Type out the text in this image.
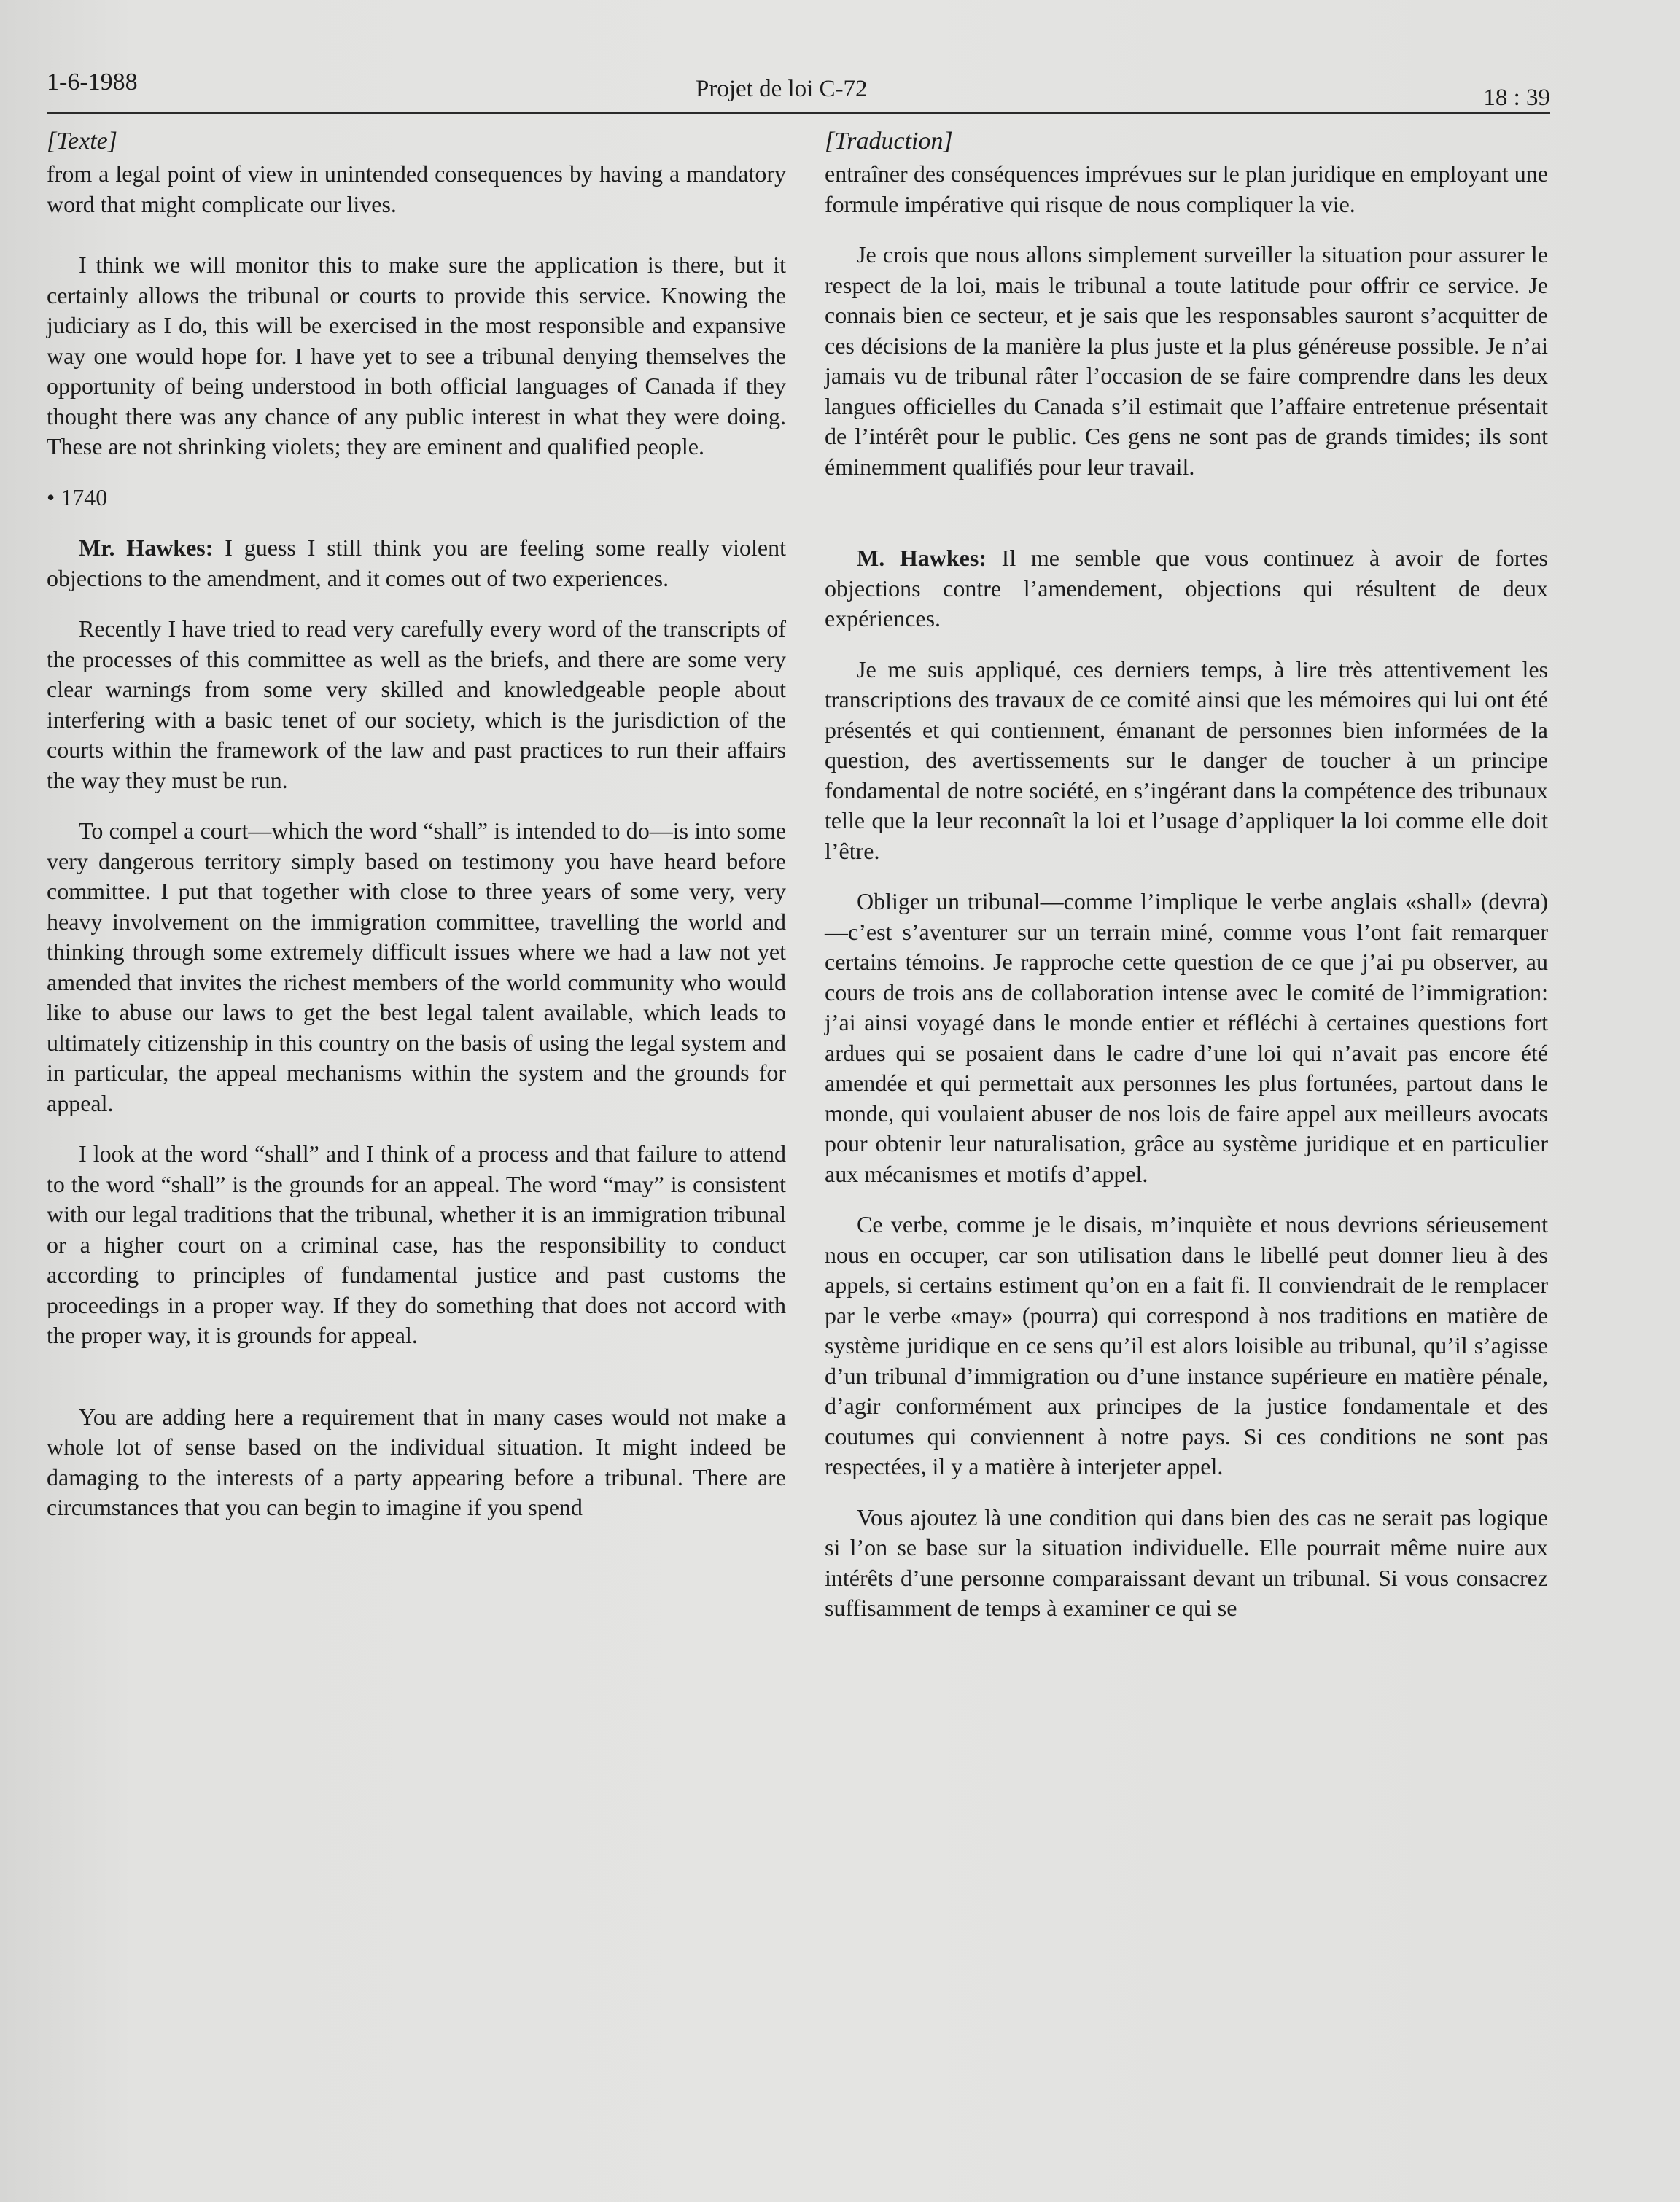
1-6-1988	Projet de loi C-72	18 : 39
[Texte]

from a legal point of view in unintended consequences by having a mandatory word that might complicate our lives.

I think we will monitor this to make sure the application is there, but it certainly allows the tribunal or courts to provide this service. Knowing the judiciary as I do, this will be exercised in the most responsible and expansive way one would hope for. I have yet to see a tribunal denying themselves the opportunity of being understood in both official languages of Canada if they thought there was any chance of any public interest in what they were doing. These are not shrinking violets; they are eminent and qualified people.

• 1740

Mr. Hawkes: I guess I still think you are feeling some really violent objections to the amendment, and it comes out of two experiences.

Recently I have tried to read very carefully every word of the transcripts of the processes of this committee as well as the briefs, and there are some very clear warnings from some very skilled and knowledgeable people about interfering with a basic tenet of our society, which is the jurisdiction of the courts within the framework of the law and past practices to run their affairs the way they must be run.

To compel a court—which the word “shall” is intended to do—is into some very dangerous territory simply based on testimony you have heard before committee. I put that together with close to three years of some very, very heavy involvement on the immigration committee, travelling the world and thinking through some extremely difficult issues where we had a law not yet amended that invites the richest members of the world community who would like to abuse our laws to get the best legal talent available, which leads to ultimately citizenship in this country on the basis of using the legal system and in particular, the appeal mechanisms within the system and the grounds for appeal.

I look at the word “shall” and I think of a process and that failure to attend to the word “shall” is the grounds for an appeal. The word “may” is consistent with our legal traditions that the tribunal, whether it is an immigration tribunal or a higher court on a criminal case, has the responsibility to conduct according to principles of fundamental justice and past customs the proceedings in a proper way. If they do something that does not accord with the proper way, it is grounds for appeal.

You are adding here a requirement that in many cases would not make a whole lot of sense based on the individual situation. It might indeed be damaging to the interests of a party appearing before a tribunal. There are circumstances that you can begin to imagine if you spend

[Traduction]

entraîner des conséquences imprévues sur le plan juridique en employant une formule impérative qui risque de nous compliquer la vie.

Je crois que nous allons simplement surveiller la situation pour assurer le respect de la loi, mais le tribunal a toute latitude pour offrir ce service. Je connais bien ce secteur, et je sais que les responsables sauront s’acquitter de ces décisions de la manière la plus juste et la plus généreuse possible. Je n’ai jamais vu de tribunal râter l’occasion de se faire comprendre dans les deux langues officielles du Canada s’il estimait que l’affaire entretenue présentait de l’intérêt pour le public. Ces gens ne sont pas de grands timides; ils sont éminemment qualifiés pour leur travail.

M. Hawkes: Il me semble que vous continuez à avoir de fortes objections contre l’amendement, objections qui résultent de deux expériences.

Je me suis appliqué, ces derniers temps, à lire très attentivement les transcriptions des travaux de ce comité ainsi que les mémoires qui lui ont été présentés et qui contiennent, émanant de personnes bien informées de la question, des avertissements sur le danger de toucher à un principe fondamental de notre société, en s’ingérant dans la compétence des tribunaux telle que la leur reconnaît la loi et l’usage d’appliquer la loi comme elle doit l’être.

Obliger un tribunal—comme l’implique le verbe anglais «shall» (devra)—c’est s’aventurer sur un terrain miné, comme vous l’ont fait remarquer certains témoins. Je rapproche cette question de ce que j’ai pu observer, au cours de trois ans de collaboration intense avec le comité de l’immigration: j’ai ainsi voyagé dans le monde entier et réfléchi à certaines questions fort ardues qui se posaient dans le cadre d’une loi qui n’avait pas encore été amendée et qui permettait aux personnes les plus fortunées, partout dans le monde, qui voulaient abuser de nos lois de faire appel aux meilleurs avocats pour obtenir leur naturalisation, grâce au système juridique et en particulier aux mécanismes et motifs d’appel.

Ce verbe, comme je le disais, m’inquiète et nous devrions sérieusement nous en occuper, car son utilisation dans le libellé peut donner lieu à des appels, si certains estiment qu’on en a fait fi. Il conviendrait de le remplacer par le verbe «may» (pourra) qui correspond à nos traditions en matière de système juridique en ce sens qu’il est alors loisible au tribunal, qu’il s’agisse d’un tribunal d’immigration ou d’une instance supérieure en matière pénale, d’agir conformément aux principes de la justice fondamentale et des coutumes qui conviennent à notre pays. Si ces conditions ne sont pas respectées, il y a matière à interjeter appel.

Vous ajoutez là une condition qui dans bien des cas ne serait pas logique si l’on se base sur la situation individuelle. Elle pourrait même nuire aux intérêts d’une personne comparaissant devant un tribunal. Si vous consacrez suffisamment de temps à examiner ce qui se
